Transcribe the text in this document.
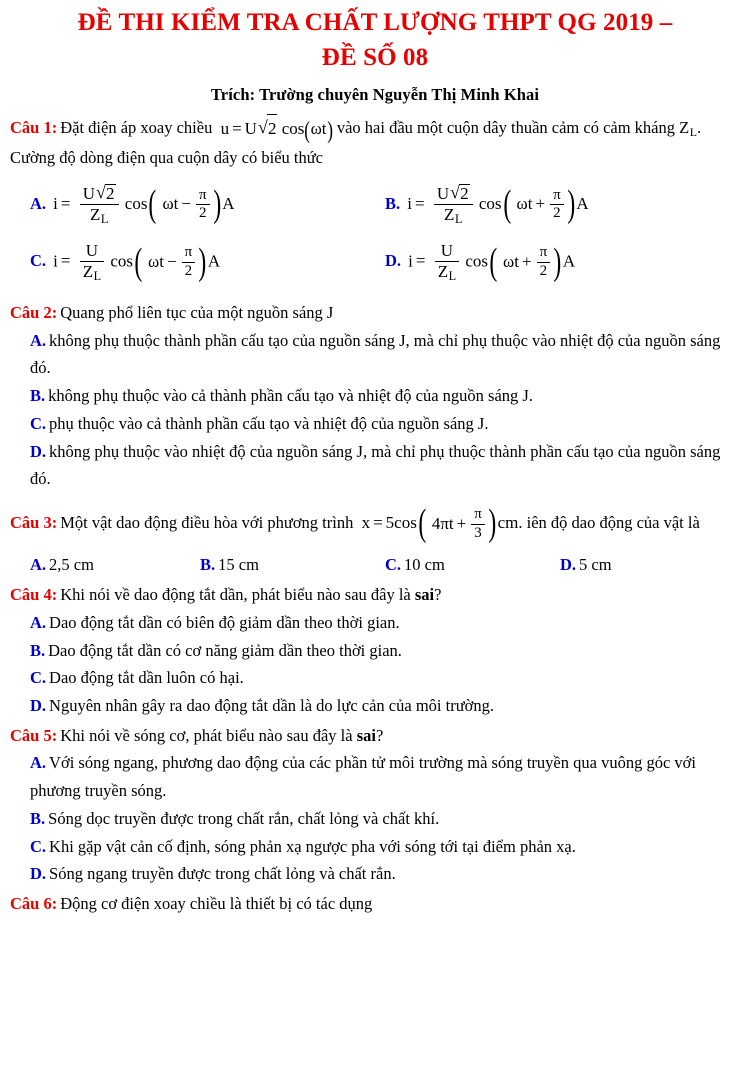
ĐỀ THI KIỂM TRA CHẤT LƯỢNG THPT QG 2019 –
ĐỀ SỐ 08
Trích: Trường chuyên Nguyễn Thị Minh Khai
Câu 1: Đặt điện áp xoay chiều u = U √ 2 cos(ωt) vào hai đầu một cuộn dây thuần cảm có cảm kháng $Z_L$. Cường độ dòng điện qua cuộn dây có biểu thức
A. $i = \frac{U √ 2}{Z_L} \cos$( $\omega t - \frac{\pi}{2} )A$	B. $i = \frac{U √ 2}{Z_L} \cos$( $\omega t + \frac{\pi}{2} )A$
C. $i = \frac{U}{Z_L} \cos$( $\omega t - \frac{\pi}{2} )A$	D. $i = \frac{U}{Z_L} \cos$( $\omega t + \frac{\pi}{2} )A$
Câu 2: Quang phổ liên tục của một nguồn sáng J
A. không phụ thuộc thành phần cấu tạo của nguồn sáng J, mà chỉ phụ thuộc vào nhiệt độ của nguồn sáng đó.
B. không phụ thuộc vào cả thành phần cấu tạo và nhiệt độ của nguồn sáng J.
C. phụ thuộc vào cả thành phần cấu tạo và nhiệt độ của nguồn sáng J.
D. không phụ thuộc vào nhiệt độ của nguồn sáng J, mà chỉ phụ thuộc thành phần cấu tạo của nguồn sáng đó.
Câu 3: Một vật dao động điều hòa với phương trình x = 5cos( $4\pi t + \frac{\pi}{3} )cm$. iên độ dao động của vật là
A. 2,5 cm	B. 15 cm	C. 10 cm	D. 5 cm
Câu 4: Khi nói về dao động tắt dần, phát biểu nào sau đây là sai?
A. Dao động tắt dần có biên độ giảm dần theo thời gian.
B. Dao động tắt dần có cơ năng giảm dần theo thời gian.
C. Dao động tắt dần luôn có hại.
D. Nguyên nhân gây ra dao động tắt dần là do lực cản của môi trường.
Câu 5: Khi nói về sóng cơ, phát biểu nào sau đây là sai?
A. Với sóng ngang, phương dao động của các phần tử môi trường mà sóng truyền qua vuông góc với phương truyền sóng.
B. Sóng dọc truyền được trong chất rắn, chất lỏng và chất khí.
C. Khi gặp vật cản cố định, sóng phản xạ ngược pha với sóng tới tại điểm phản xạ.
D. Sóng ngang truyền được trong chất lỏng và chất rắn.
Câu 6: Động cơ điện xoay chiều là thiết bị có tác dụng
